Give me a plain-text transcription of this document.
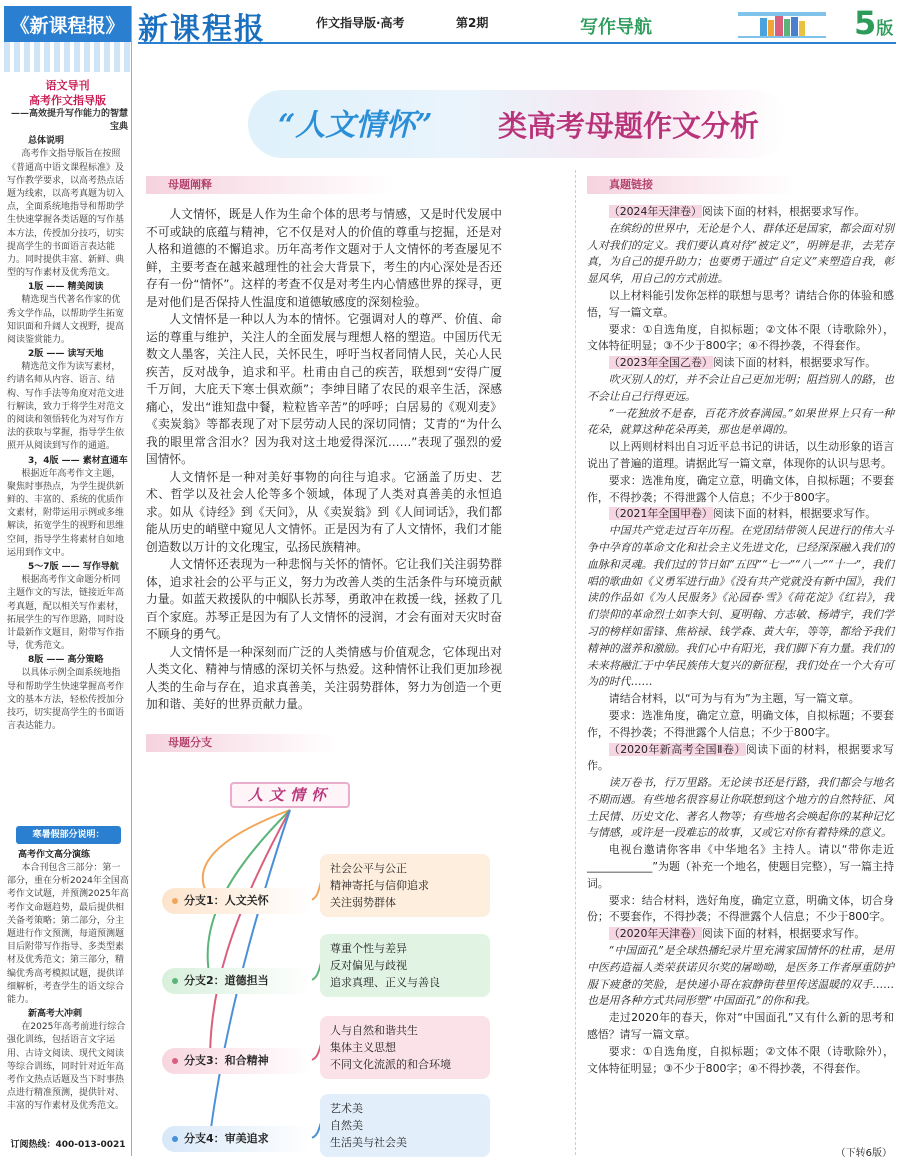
《新课程报》
语文导刊
高考作文指导版
——高效提升写作能力的智慧宝典
总体说明
高考作文指导版旨在按照《普通高中语文课程标准》及写作教学要求，以高考热点话题为线索，以高考真题为切入点，全面系统地指导和帮助学生快速掌握各类话题的写作基本方法，传授加分技巧，切实提高学生的书面语言表达能力。同时提供丰富、新鲜、典型的写作素材及优秀范文。
1版 —— 精美阅读
精选现当代著名作家的优秀文学作品，以帮助学生拓宽知识面和升阔人文视野，提高阅读鉴赏能力。
2版 —— 读写天地
精选范文作为读写素材，约请名师从内容、语言、结构、写作手法等角度对范文进行解读，致力于将学生对范文的阅读和领悟转化为对写作方法的获取与掌握，指导学生依照开从阅读到写作的通道。
3，4版 —— 素材直通车
根据近年高考作文主题，聚焦时事热点，为学生提供新鲜的、丰富的、系统的优质作文素材，附带运用示例或多维解读，拓宽学生的视野和思维空间，指导学生将素材自如地运用到作文中。
5～7版 —— 写作导航
根据高考作文命题分析同主题作文的写法，链接近年高考真题，配以相关写作素材，拓展学生的写作思路，同时设计最新作文题目，附带写作指导，优秀范文。
8版 —— 高分策略
以具体示例全面系统地指导和帮助学生快速掌握高考作文的基本方法，轻松传授加分技巧，切实提高学生的书面语言表达能力。
寒暑假部分说明：
高考作文高分演练
本合刊包含三部分：第一部分，重在分析2024年全国高考作文试题，并预测2025年高考作文命题趋势，最后提供相关备考策略；第二部分，分主题进行作文预测，每道预测题目后附带写作指导、多类型素材及优秀范文；第三部分，精编优秀高考模拟试题，提供详细解析，考查学生的语文综合能力。
新高考大冲刺
在2025年高考前进行综合强化训练，包括语言文字运用、古诗文阅读、现代文阅读等综合训练，同时针对近年高考作文热点话题及当下时事热点进行精准预测，提供针对、丰富的写作素材及优秀范文。
订阅热线：400-013-0021
新课程报	作文指导版·高考	第2期	写作导航	5版
“人文情怀” 类高考母题作文分析
母题阐释

人文情怀，既是人作为生命个体的思考与情感，又是时代发展中不可或缺的底蕴与精神，它不仅是对人的价值的尊重与挖掘，还是对人格和道德的不懈追求。历年高考作文题对于人文情怀的考查屡见不鲜，主要考查在越来越理性的社会大背景下，考生的内心深处是否还存有一份“情怀”。这样的考查不仅是对考生内心情感世界的探寻，更是对他们是否保持人性温度和道德敏感度的深刻检验。

人文情怀是一种以人为本的情怀。它强调对人的尊严、价值、命运的尊重与维护，关注人的全面发展与理想人格的塑造。中国历代无数文人墨客，关注人民，关怀民生，呼吁当权者同情人民，关心人民疾苦，反对战争，追求和平。杜甫由自己的疾苦，联想到“安得广厦千万间，大庇天下寒士俱欢颜”；李绅目睹了农民的艰辛生活，深感痛心，发出“谁知盘中餐，粒粒皆辛苦”的呼呼；白居易的《观刈麦》《卖炭翁》等都表现了对下层劳动人民的深切同情；艾青的“为什么我的眼里常含泪水？因为我对这土地爱得深沉……”表现了强烈的爱国情怀。

人文情怀是一种对美好事物的向往与追求。它涵盖了历史、艺术、哲学以及社会人伦等多个领域，体现了人类对真善美的永恒追求。如从《诗经》到《天问》，从《卖炭翁》到《人间词话》，我们都能从历史的峭壁中窥见人文情怀。正是因为有了人文情怀，我们才能创造数以万计的文化瑰宝，弘扬民族精神。

人文情怀还表现为一种悲悯与关怀的情怀。它让我们关注弱势群体，追求社会的公平与正义，努力为改善人类的生活条件与环境贡献力量。如蓝天救援队的中帼队长苏琴，勇敢冲在救援一线，拯救了几百个家庭。苏琴正是因为有了人文情怀的浸润，才会有面对天灾时奋不顾身的勇气。

人文情怀是一种深刻而广泛的人类情感与价值观念，它体现出对人类文化、精神与情感的深切关怀与热爱。这种情怀让我们更加珍视人类的生命与存在，追求真善美，关注弱势群体，努力为创造一个更加和谐、美好的世界贡献力量。

母题分支
人文情怀
分支1：人文关怀
社会公平与公正
精神寄托与信仰追求
关注弱势群体
分支2：道德担当
尊重个性与差异
反对偏见与歧视
追求真理、正义与善良
分支3：和合精神
人与自然和谐共生
集体主义思想
不同文化流派的和合环境
分支4：审美追求
艺术美
自然美
生活美与社会美
真题链接

（2024年天津卷）阅读下面的材料，根据要求写作。

在缤纷的世界中，无论是个人、群体还是国家，都会面对别人对我们的定义。我们要认真对待“被定义”，明辨是非，去芜存真，为自己的提升助力；也要勇于通过“自定义”来塑造自我，彰显风华，用自己的方式前进。

以上材料能引发你怎样的联想与思考？请结合你的体验和感悟，写一篇文章。

要求：①自选角度，自拟标题；②文体不限（诗歌除外），文体特征明显；③不少于800字；④不得抄袭，不得套作。

（2023年全国乙卷）阅读下面的材料，根据要求写作。

吹灭别人的灯，并不会让自己更加光明；阻挡别人的路，也不会让自己行得更远。

“一花独放不是春，百花齐放春满园。”如果世界上只有一种花朵，就算这种花朵再美，那也是单调的。

以上两则材料出自习近平总书记的讲话，以生动形象的语言说出了普遍的道理。请据此写一篇文章，体现你的认识与思考。

要求：选准角度，确定立意，明确文体，自拟标题；不要套作，不得抄袭；不得泄露个人信息；不少于800字。

（2021年全国甲卷）阅读下面的材料，根据要求写作。

中国共产党走过百年历程。在党团结带领人民进行的伟大斗争中孕育的革命文化和社会主义先进文化，已经深深融入我们的血脉和灵魂。我们过的节日如“五四”“七一”“八一”“十一”，我们唱的歌曲如《义勇军进行曲》《没有共产党就没有新中国》，我们读的作品如《为人民服务》《沁园春·雪》《荷花淀》《红岩》，我们崇仰的革命烈士如李大钊、夏明翰、方志敏、杨靖宇，我们学习的榜样如雷锋、焦裕禄、钱学森、黄大年，等等，都给予我们精神的滋养和激励。我们心中有阳光，我们脚下有力量。我们的未来将融汇于中华民族伟大复兴的新征程，我们处在一个大有可为的时代……

请结合材料，以“可为与有为”为主题，写一篇文章。

要求：选准角度，确定立意，明确文体，自拟标题；不要套作，不得抄袭；不得泄露个人信息；不少于800字。

（2020年新高考全国Ⅱ卷）阅读下面的材料，根据要求写作。

读万卷书，行万里路。无论读书还是行路，我们都会与地名不期而遇。有些地名很容易让你联想到这个地方的自然特征、风土民情、历史文化、著名人物等；有些地名会唤起你的某种记忆与情感，或许是一段难忘的故事，又或它对你有着特殊的意义。

电视台邀请你客串《中华地名》主持人。请以“带你走近____________”为题（补充一个地名，使题目完整），写一篇主持词。

要求：结合材料，选好角度，确定立意，明确文体，切合身份；不要套作，不得抄袭；不得泄露个人信息；不少于800字。

（2020年天津卷）阅读下面的材料，根据要求写作。

“中国面孔”是全球热播纪录片里充满家国情怀的杜甫，是用中医药造福人类荣获诺贝尔奖的屠呦呦，是医务工作者厚重防护服下疲惫的笑脸，是快递小哥在寂静街巷里传送温暖的双手……也是用各种方式共同形塑“中国面孔”的你和我。

走过2020年的春天，你对“中国面孔”又有什么新的思考和感悟？请写一篇文章。

要求：①自选角度，自拟标题；②文体不限（诗歌除外），文体特征明显；③不少于800字；④不得抄袭，不得套作。

（下转6版）
